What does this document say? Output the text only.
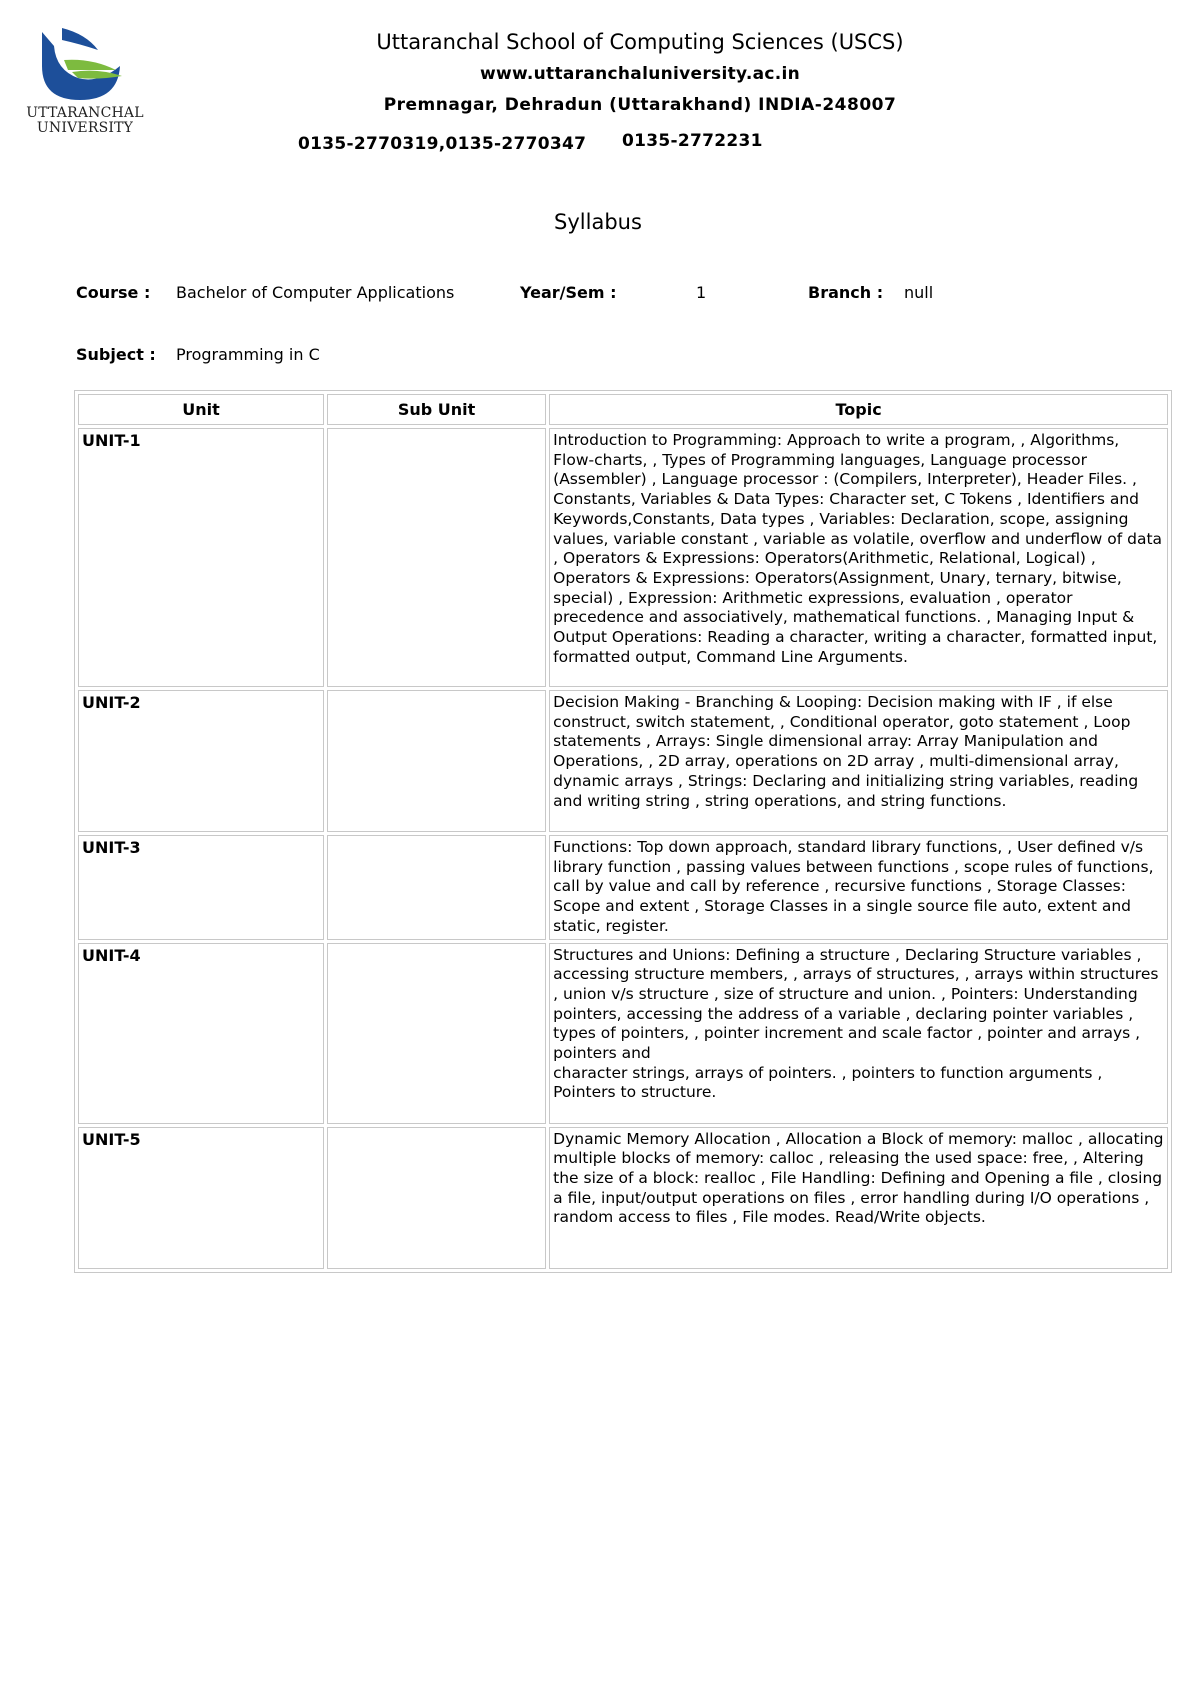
UTTARANCHAL
UNIVERSITY
Uttaranchal School of Computing Sciences (USCS)
www.uttaranchaluniversity.ac.in
Premnagar, Dehradun (Uttarakhand) INDIA-248007
0135-2770319,0135-2770347 0135-2772231
Syllabus
Course : Bachelor of Computer Applications	Year/Sem :	1	Branch : null
Subject : Programming in C
Unit	Sub Unit	Topic
UNIT-1		Introduction to Programming: Approach to write a program, , Algorithms, Flow-charts, , Types of Programming languages, Language processor (Assembler) , Language processor : (Compilers, Interpreter), Header Files. , Constants, Variables & Data Types: Character set, C Tokens , Identifiers and Keywords,Constants, Data types , Variables: Declaration, scope, assigning values, variable constant , variable as volatile, overflow and underflow of data , Operators & Expressions: Operators(Arithmetic, Relational, Logical) , Operators & Expressions: Operators(Assignment, Unary, ternary, bitwise, special) , Expression: Arithmetic expressions, evaluation , operator precedence and associatively, mathematical functions. , Managing Input & Output Operations: Reading a character, writing a character, formatted input, formatted output, Command Line Arguments.
UNIT-2		Decision Making - Branching & Looping: Decision making with IF , if else construct, switch statement, , Conditional operator, goto statement , Loop statements , Arrays: Single dimensional array: Array Manipulation and Operations, , 2D array, operations on 2D array , multi-dimensional array, dynamic arrays , Strings: Declaring and initializing string variables, reading and writing string , string operations, and string functions.
UNIT-3		Functions: Top down approach, standard library functions, , User defined v/s library function , passing values between functions , scope rules of functions, call by value and call by reference , recursive functions , Storage Classes: Scope and extent , Storage Classes in a single source file auto, extent and static, register.
UNIT-4		Structures and Unions: Defining a structure , Declaring Structure variables , accessing structure members, , arrays of structures, , arrays within structures , union v/s structure , size of structure and union. , Pointers: Understanding pointers, accessing the address of a variable , declaring pointer variables , types of pointers, , pointer increment and scale factor , pointer and arrays , pointers and
character strings, arrays of pointers. , pointers to function arguments , Pointers to structure.
UNIT-5		Dynamic Memory Allocation , Allocation a Block of memory: malloc , allocating multiple blocks of memory: calloc , releasing the used space: free, , Altering the size of a block: realloc , File Handling: Defining and Opening a file , closing a file, input/output operations on files , error handling during I/O operations , random access to files , File modes. Read/Write objects.
